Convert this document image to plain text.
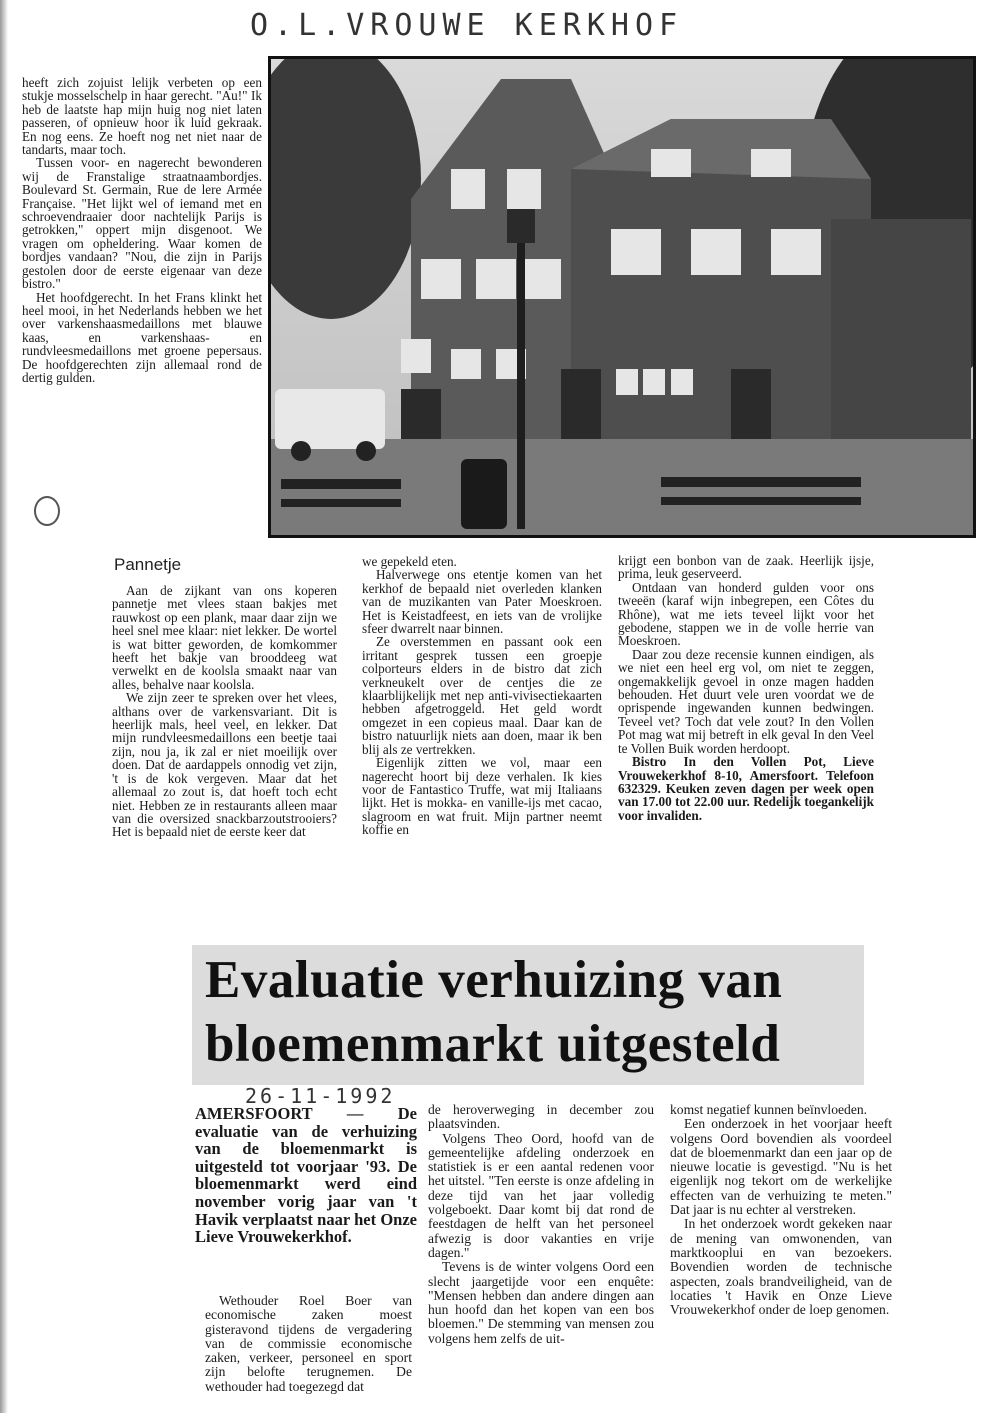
O.L.VROUWE KERKHOF

heeft zich zojuist lelijk verbeten op een stukje mosselschelp in haar gerecht. "Au!" Ik heb de laatste hap mijn huig nog niet laten passeren, of opnieuw hoor ik luid gekraak. En nog eens. Ze hoeft nog net niet naar de tandarts, maar toch.

Tussen voor- en nagerecht bewonderen wij de Franstalige straatnaambordjes. Boulevard St. Germain, Rue de lere Armée Française. "Het lijkt wel of iemand met en schroevendraaier door nachtelijk Parijs is getrokken," oppert mijn disgenoot. We vragen om opheldering. Waar komen de bordjes vandaan? "Nou, die zijn in Parijs gestolen door de eerste eigenaar van deze bistro."

Het hoofdgerecht. In het Frans klinkt het heel mooi, in het Nederlands hebben we het over varkenshaasmedaillons met blauwe kaas, en varkenshaas- en rundvleesmedaillons met groene pepersaus. De hoofdgerechten zijn allemaal rond de dertig gulden.

Pannetje

Aan de zijkant van ons koperen pannetje met vlees staan bakjes met rauwkost op een plank, maar daar zijn we heel snel mee klaar: niet lekker. De wortel is wat bitter geworden, de komkommer heeft het bakje van brooddeeg wat verwelkt en de koolsla smaakt naar van alles, behalve naar koolsla.

We zijn zeer te spreken over het vlees, althans over de varkensvariant. Dit is heerlijk mals, heel veel, en lekker. Dat mijn rundvleesmedaillons een beetje taai zijn, nou ja, ik zal er niet moeilijk over doen. Dat de aardappels onnodig vet zijn, 't is de kok vergeven. Maar dat het allemaal zo zout is, dat hoeft toch echt niet. Hebben ze in restaurants alleen maar van die oversized snackbarzoutstrooiers? Het is bepaald niet de eerste keer dat

we gepekeld eten.

Halverwege ons etentje komen van het kerkhof de bepaald niet overleden klanken van de muzikanten van Pater Moeskroen. Het is Keistadfeest, en iets van de vrolijke sfeer dwarrelt naar binnen.

Ze overstemmen en passant ook een irritant gesprek tussen een groepje colporteurs elders in de bistro dat zich verkneukelt over de centjes die ze klaarblijkelijk met nep anti-vivisectiekaarten hebben afgetroggeld. Het geld wordt omgezet in een copieus maal. Daar kan de bistro natuurlijk niets aan doen, maar ik ben blij als ze vertrekken.

Eigenlijk zitten we vol, maar een nagerecht hoort bij deze verhalen. Ik kies voor de Fantastico Truffe, wat mij Italiaans lijkt. Het is mokka- en vanille-ijs met cacao, slagroom en wat fruit. Mijn partner neemt koffie en

krijgt een bonbon van de zaak. Heerlijk ijsje, prima, leuk geserveerd.

Ontdaan van honderd gulden voor ons tweeën (karaf wijn inbegrepen, een Côtes du Rhône), wat me iets teveel lijkt voor het gebodene, stappen we in de volle herrie van Moeskroen.

Daar zou deze recensie kunnen eindigen, als we niet een heel erg vol, om niet te zeggen, ongemakkelijk gevoel in onze magen hadden behouden. Het duurt vele uren voordat we de oprispende ingewanden kunnen bedwingen. Teveel vet? Toch dat vele zout? In den Vollen Pot mag wat mij betreft in elk geval In den Veel te Vollen Buik worden herdoopt.

Bistro In den Vollen Pot, Lieve Vrouwekerkhof 8-10, Amersfoort. Telefoon 632329. Keuken zeven dagen per week open van 17.00 tot 22.00 uur. Redelijk toegankelijk voor invaliden.

Evaluatie verhuizing van
bloemenmarkt uitgesteld
26-11-1992

AMERSFOORT — De evaluatie van de verhuizing van de bloemenmarkt is uitgesteld tot voorjaar '93. De bloemenmarkt werd eind november vorig jaar van 't Havik verplaatst naar het Onze Lieve Vrouwekerkhof.

Wethouder Roel Boer van economische zaken moest gisteravond tijdens de vergadering van de commissie economische zaken, verkeer, personeel en sport zijn belofte terugnemen. De wethouder had toegezegd dat

de heroverweging in december zou plaatsvinden.

Volgens Theo Oord, hoofd van de gemeentelijke afdeling onderzoek en statistiek is er een aantal redenen voor het uitstel. "Ten eerste is onze afdeling in deze tijd van het jaar volledig volgeboekt. Daar komt bij dat rond de feestdagen de helft van het personeel afwezig is door vakanties en vrije dagen."

Tevens is de winter volgens Oord een slecht jaargetijde voor een enquête: "Mensen hebben dan andere dingen aan hun hoofd dan het kopen van een bos bloemen." De stemming van mensen zou volgens hem zelfs de uit-

komst negatief kunnen beïnvloeden.

Een onderzoek in het voorjaar heeft volgens Oord bovendien als voordeel dat de bloemenmarkt dan een jaar op de nieuwe locatie is gevestigd. "Nu is het eigenlijk nog tekort om de werkelijke effecten van de verhuizing te meten." Dat jaar is nu echter al verstreken.

In het onderzoek wordt gekeken naar de mening van omwonenden, van marktkooplui en van bezoekers. Bovendien worden de technische aspecten, zoals brandveiligheid, van de locaties 't Havik en Onze Lieve Vrouwekerkhof onder de loep genomen.
